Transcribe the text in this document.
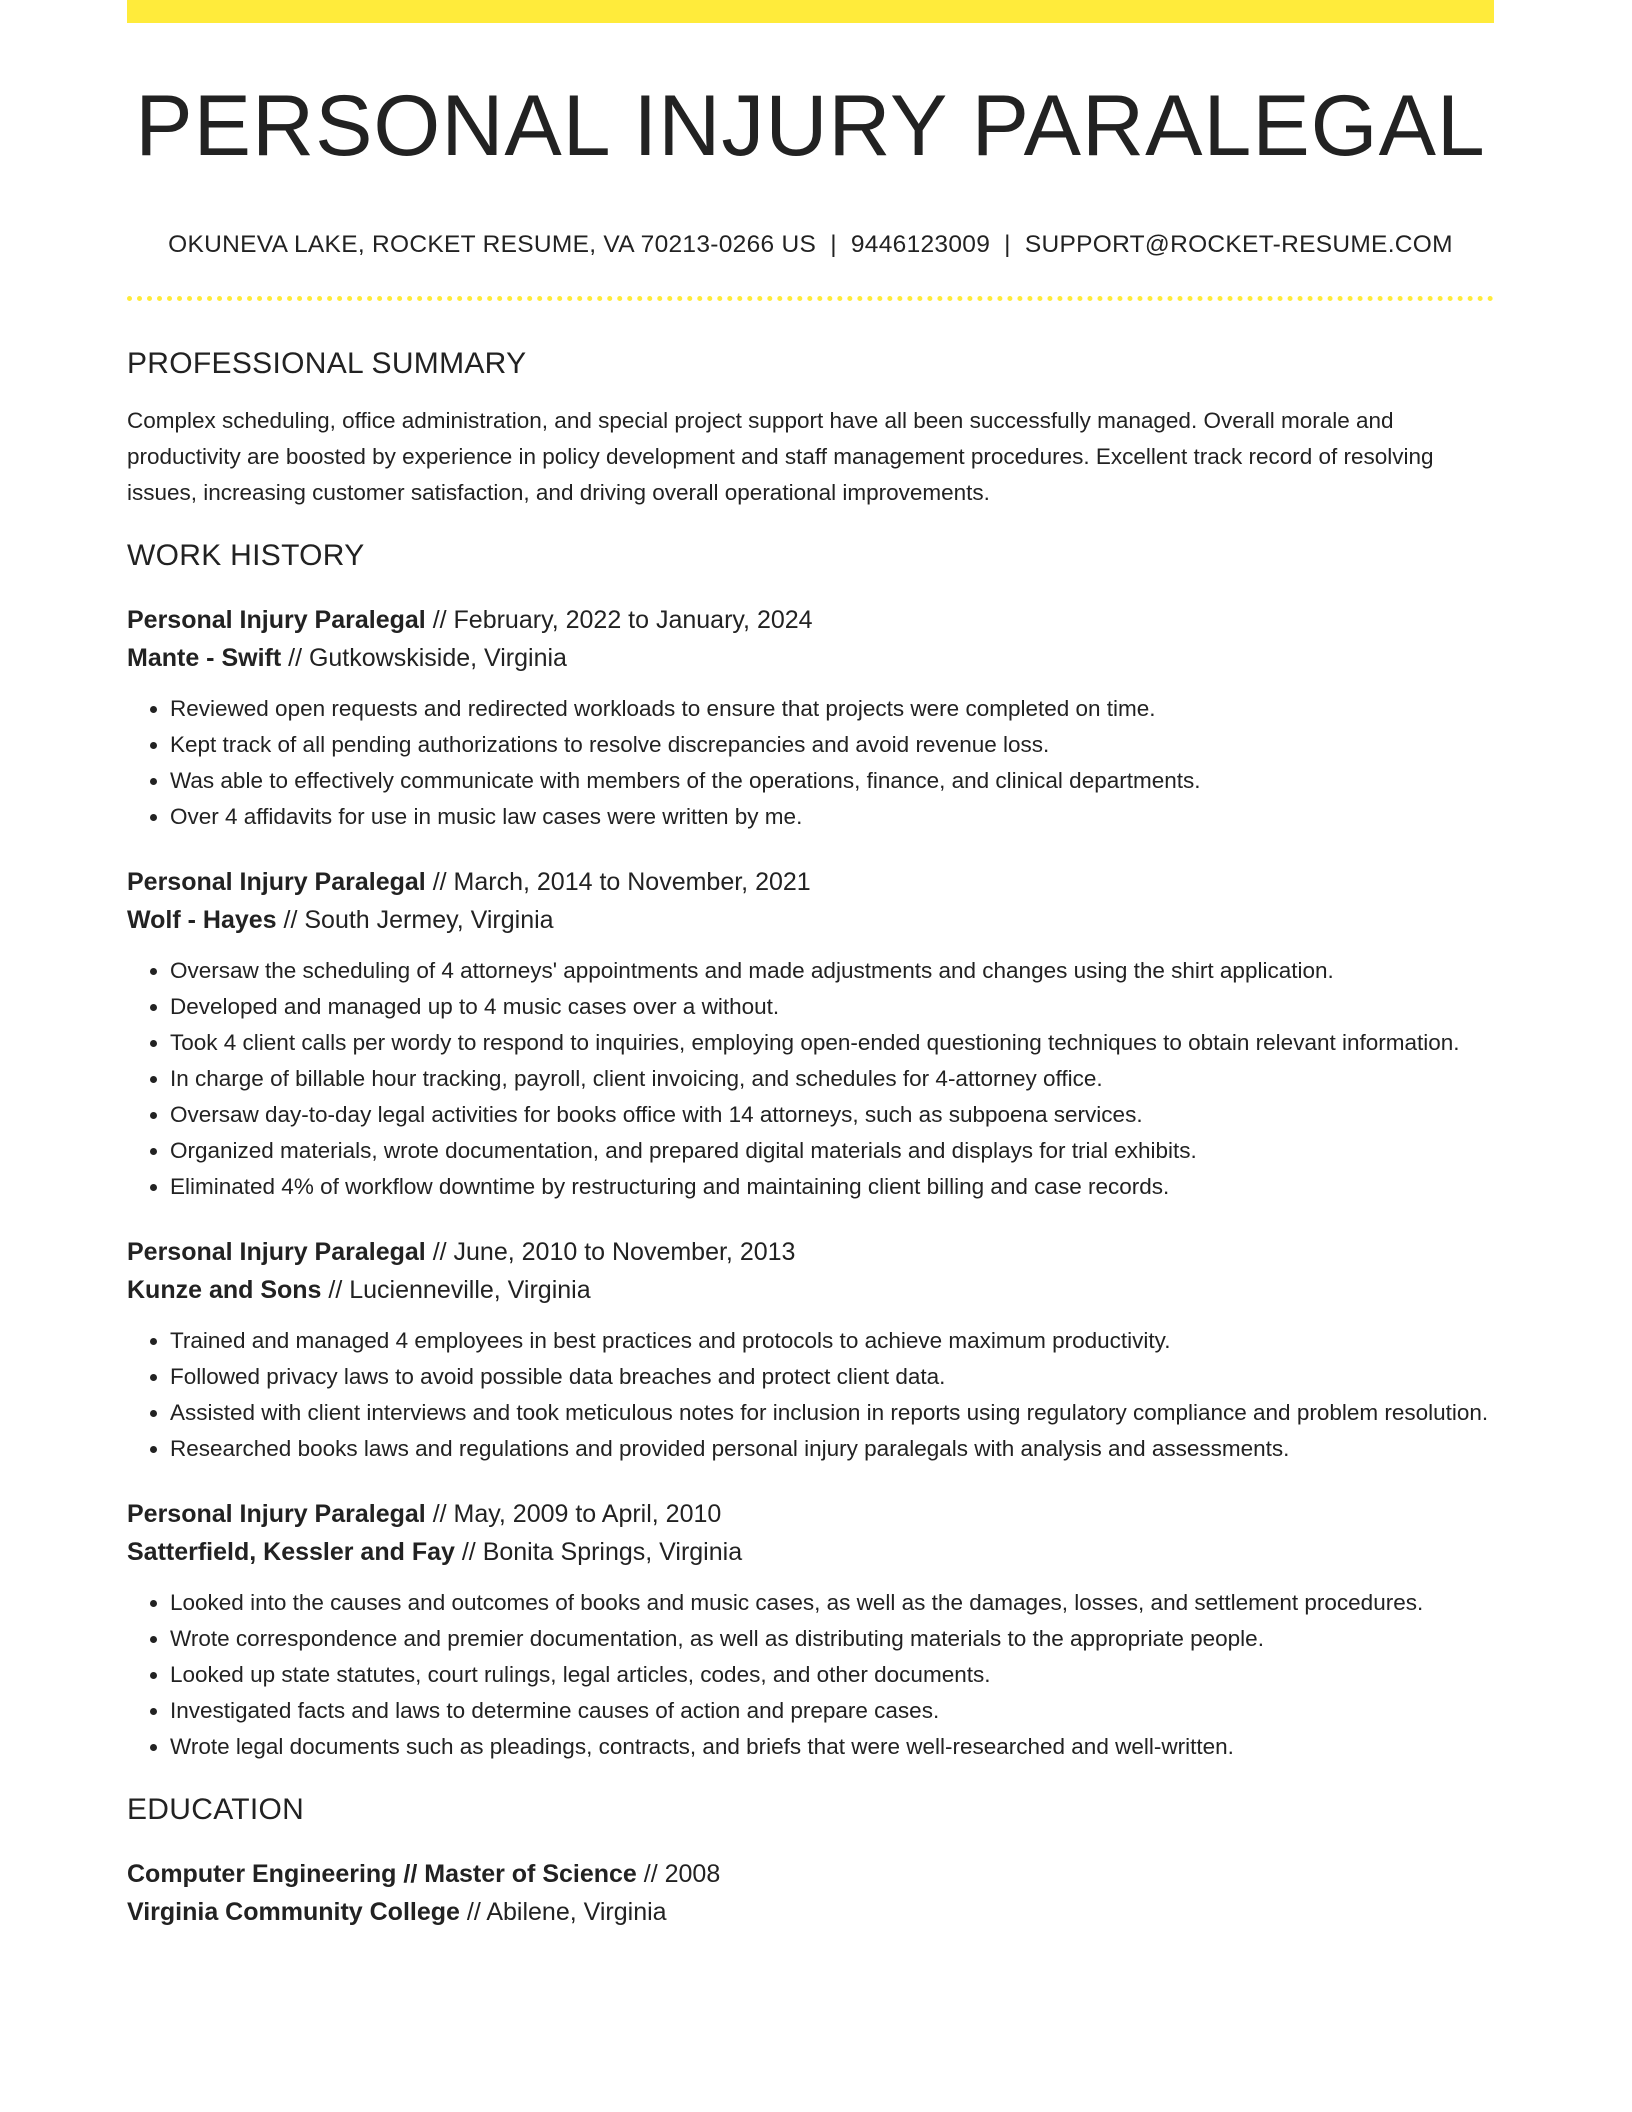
PERSONAL INJURY PARALEGAL
OKUNEVA LAKE, ROCKET RESUME, VA 70213-0266 US | 9446123009 | SUPPORT@ROCKET-RESUME.COM
PROFESSIONAL SUMMARY

Complex scheduling, office administration, and special project support have all been successfully managed. Overall morale and productivity are boosted by experience in policy development and staff management procedures. Excellent track record of resolving issues, increasing customer satisfaction, and driving overall operational improvements.

WORK HISTORY
Personal Injury Paralegal // February, 2022 to January, 2024
Mante - Swift // Gutkowskiside, Virginia
• Reviewed open requests and redirected workloads to ensure that projects were completed on time.
• Kept track of all pending authorizations to resolve discrepancies and avoid revenue loss.
• Was able to effectively communicate with members of the operations, finance, and clinical departments.
• Over 4 affidavits for use in music law cases were written by me.
Personal Injury Paralegal // March, 2014 to November, 2021
Wolf - Hayes // South Jermey, Virginia
• Oversaw the scheduling of 4 attorneys' appointments and made adjustments and changes using the shirt application.
• Developed and managed up to 4 music cases over a without.
• Took 4 client calls per wordy to respond to inquiries, employing open-ended questioning techniques to obtain relevant information.
• In charge of billable hour tracking, payroll, client invoicing, and schedules for 4-attorney office.
• Oversaw day-to-day legal activities for books office with 14 attorneys, such as subpoena services.
• Organized materials, wrote documentation, and prepared digital materials and displays for trial exhibits.
• Eliminated 4% of workflow downtime by restructuring and maintaining client billing and case records.
Personal Injury Paralegal // June, 2010 to November, 2013
Kunze and Sons // Lucienneville, Virginia
• Trained and managed 4 employees in best practices and protocols to achieve maximum productivity.
• Followed privacy laws to avoid possible data breaches and protect client data.
• Assisted with client interviews and took meticulous notes for inclusion in reports using regulatory compliance and problem resolution.
• Researched books laws and regulations and provided personal injury paralegals with analysis and assessments.
Personal Injury Paralegal // May, 2009 to April, 2010
Satterfield, Kessler and Fay // Bonita Springs, Virginia
• Looked into the causes and outcomes of books and music cases, as well as the damages, losses, and settlement procedures.
• Wrote correspondence and premier documentation, as well as distributing materials to the appropriate people.
• Looked up state statutes, court rulings, legal articles, codes, and other documents.
• Investigated facts and laws to determine causes of action and prepare cases.
• Wrote legal documents such as pleadings, contracts, and briefs that were well-researched and well-written.
EDUCATION
Computer Engineering // Master of Science // 2008
Virginia Community College // Abilene, Virginia
